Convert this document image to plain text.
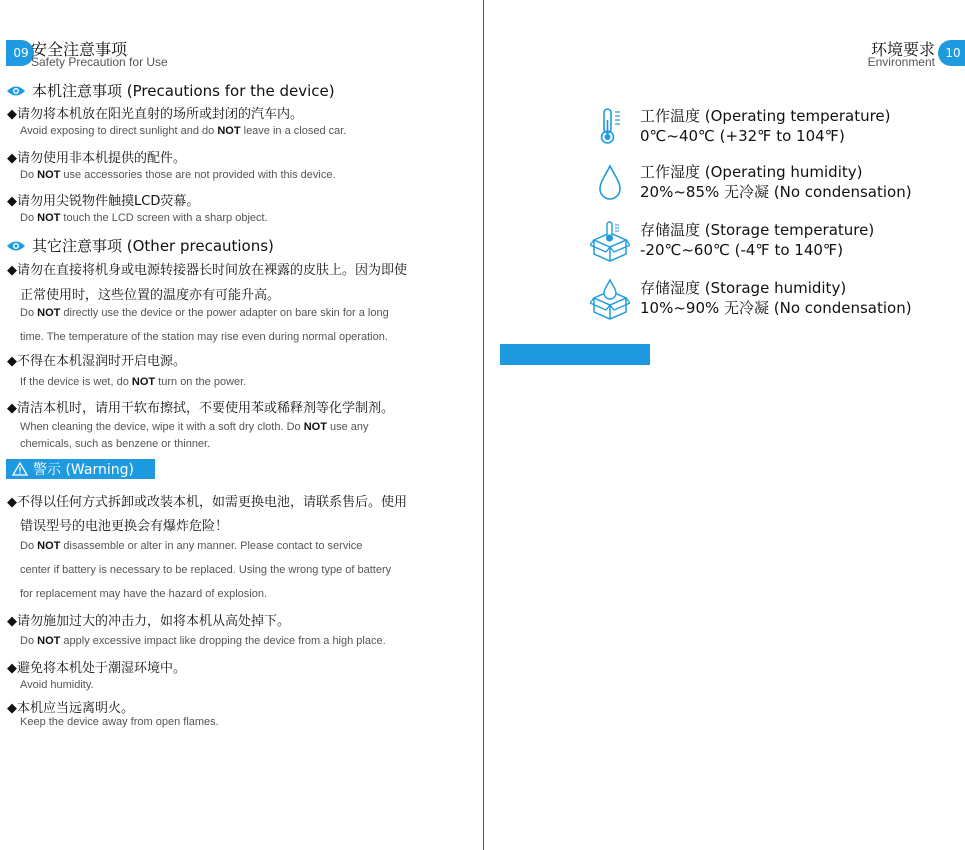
09 安全注意事项
Safety Precaution for Use
本机注意事项 (Precautions for the device)
◆请勿将本机放在阳光直射的场所或封闭的汽车内。
Avoid exposing to direct sunlight and do NOT leave in a closed car.
◆请勿使用非本机提供的配件。
Do NOT use accessories those are not provided with this device.
◆请勿用尖锐物件触摸LCD荧幕。
Do NOT touch the LCD screen with a sharp object.
其它注意事项 (Other precautions)
◆请勿在直接将机身或电源转接器长时间放在裸露的皮肤上。因为即使
正常使用时，这些位置的温度亦有可能升高。
Do NOT directly use the device or the power adapter on bare skin for a long
time. The temperature of the station may rise even during normal operation.
◆不得在本机湿润时开启电源。
If the device is wet, do NOT turn on the power.
◆清洁本机时，请用干软布擦拭，不要使用苯或稀释剂等化学制剂。
When cleaning the device, wipe it with a soft dry cloth. Do NOT use any
chemicals, such as benzene or thinner.
警示 (Warning)
◆不得以任何方式拆卸或改装本机，如需更换电池，请联系售后。使用
错误型号的电池更换会有爆炸危险！
Do NOT disassemble or alter in any manner. Please contact to service
center if battery is necessary to be replaced. Using the wrong type of battery
for replacement may have the hazard of explosion.
◆请勿施加过大的冲击力，如将本机从高处掉下。
Do NOT apply excessive impact like dropping the device from a high place.
◆避免将本机处于潮湿环境中。
Avoid humidity.
◆本机应当远离明火。
Keep the device away from open flames.
环境要求
Environment
10
工作温度 (Operating temperature)
0℃~40℃ (+32℉ to 104℉)
工作湿度 (Operating humidity)
20%~85% 无冷凝 (No condensation)
存储温度 (Storage temperature)
-20℃~60℃ (-4℉ to 140℉)
存储湿度 (Storage humidity)
10%~90% 无冷凝 (No condensation)
